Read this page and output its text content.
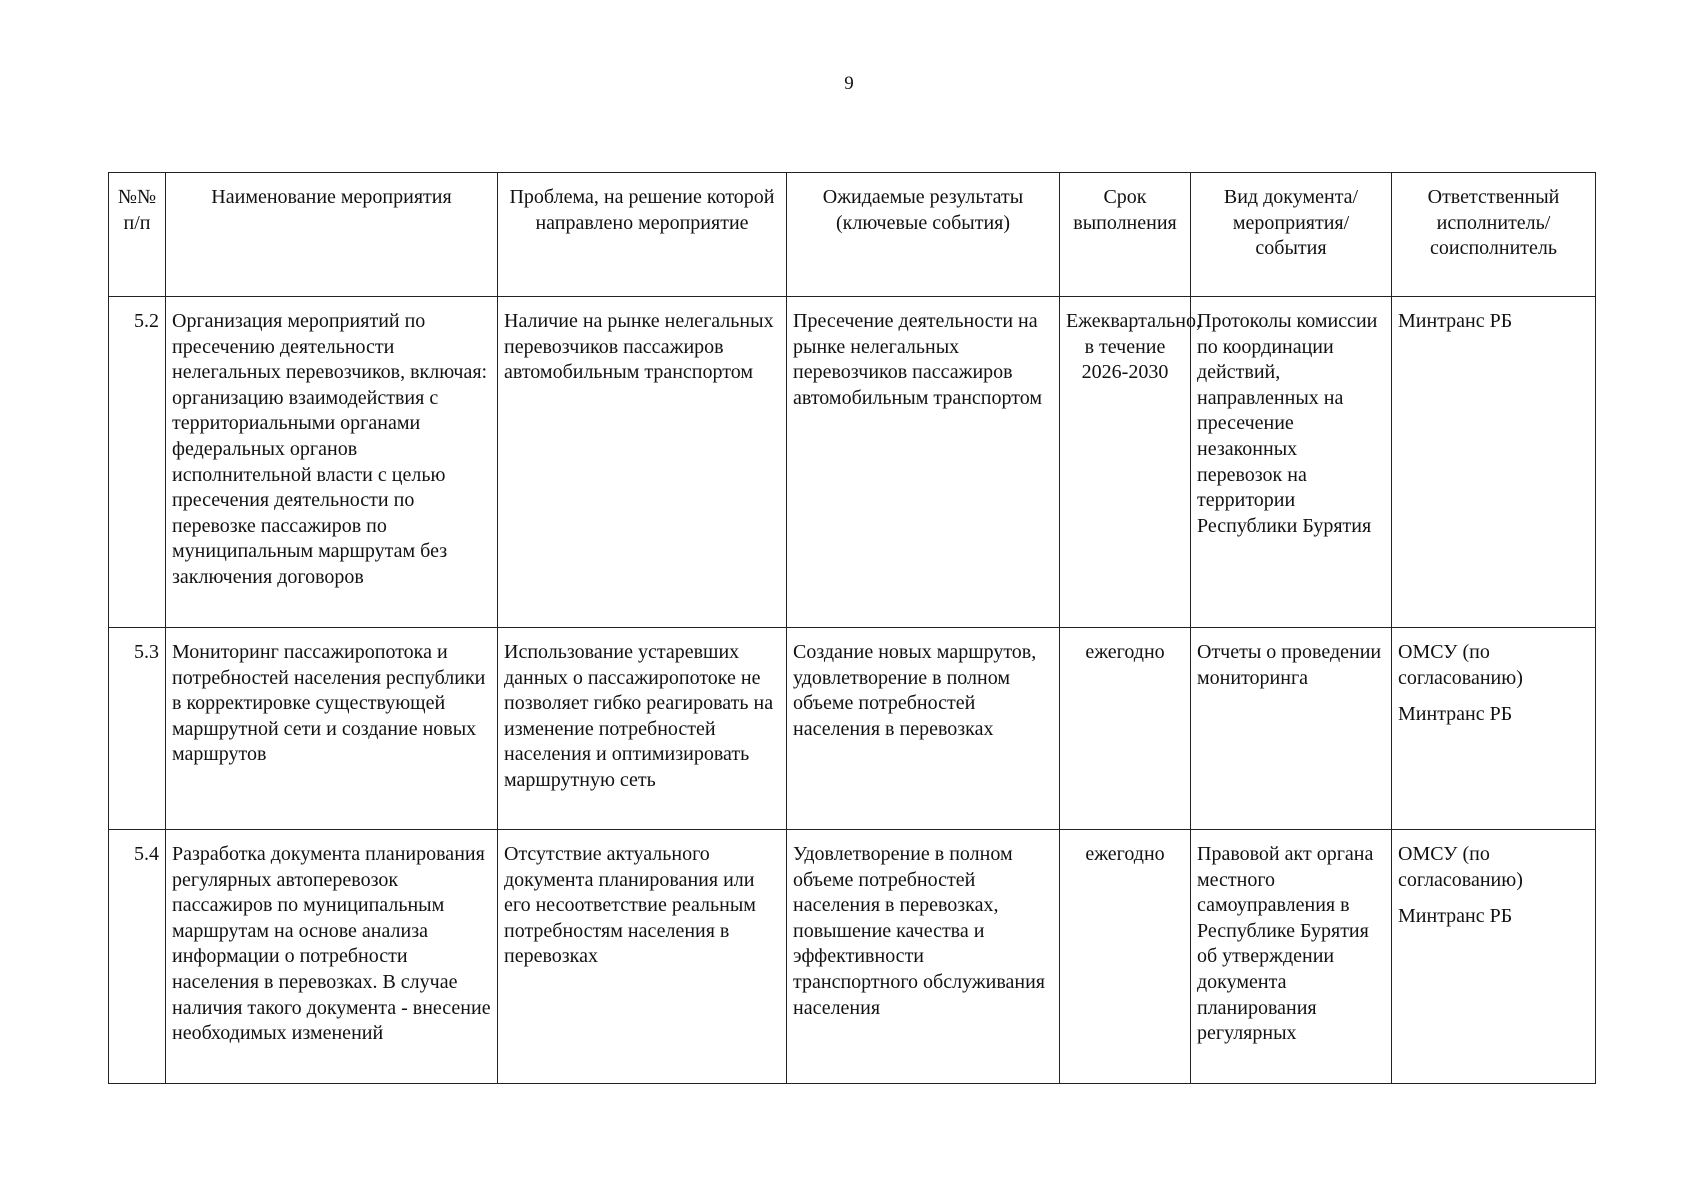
9
№№ п/п	Наименование мероприятия	Проблема, на решение которой направлено мероприятие	Ожидаемые результаты (ключевые события)	Срок выполнения	Вид документа/ мероприятия/ события	Ответственный исполнитель/ соисполнитель
5.2	Организация мероприятий по пресечению деятельности нелегальных перевозчиков, включая: организацию взаимодействия с территориальными органами федеральных органов исполнительной власти с целью пресечения деятельности по перевозке пассажиров по муниципальным маршрутам без заключения договоров	Наличие на рынке нелегальных перевозчиков пассажиров автомобильным транспортом	Пресечение деятельности на рынке нелегальных перевозчиков пассажиров автомобильным транспортом	Ежеквартально, в течение 2026-2030	Протоколы комиссии по координации действий, направленных на пресечение незаконных перевозок на территории Республики Бурятия	Минтранс РБ

5.3	Мониторинг пассажиропотока и потребностей населения республики в корректировке существующей маршрутной сети и создание новых маршрутов	Использование устаревших данных о пассажиропотоке не позволяет гибко реагировать на изменение потребностей населения и оптимизировать маршрутную сеть	Создание новых маршрутов, удовлетворение в полном объеме потребностей населения в перевозках	ежегодно	Отчеты о проведении мониторинга	ОМСУ (по согласованию)
Минтранс РБ

5.4	Разработка документа планирования регулярных автоперевозок пассажиров по муниципальным маршрутам на основе анализа информации о потребности населения в перевозках. В случае наличия такого документа - внесение необходимых изменений	Отсутствие актуального документа планирования или его несоответствие реальным потребностям населения в перевозках	Удовлетворение в полном объеме потребностей населения в перевозках, повышение качества и эффективности транспортного обслуживания населения	ежегодно	Правовой акт органа местного самоуправления в Республике Бурятия об утверждении документа планирования регулярных	ОМСУ (по согласованию)
Минтранс РБ
